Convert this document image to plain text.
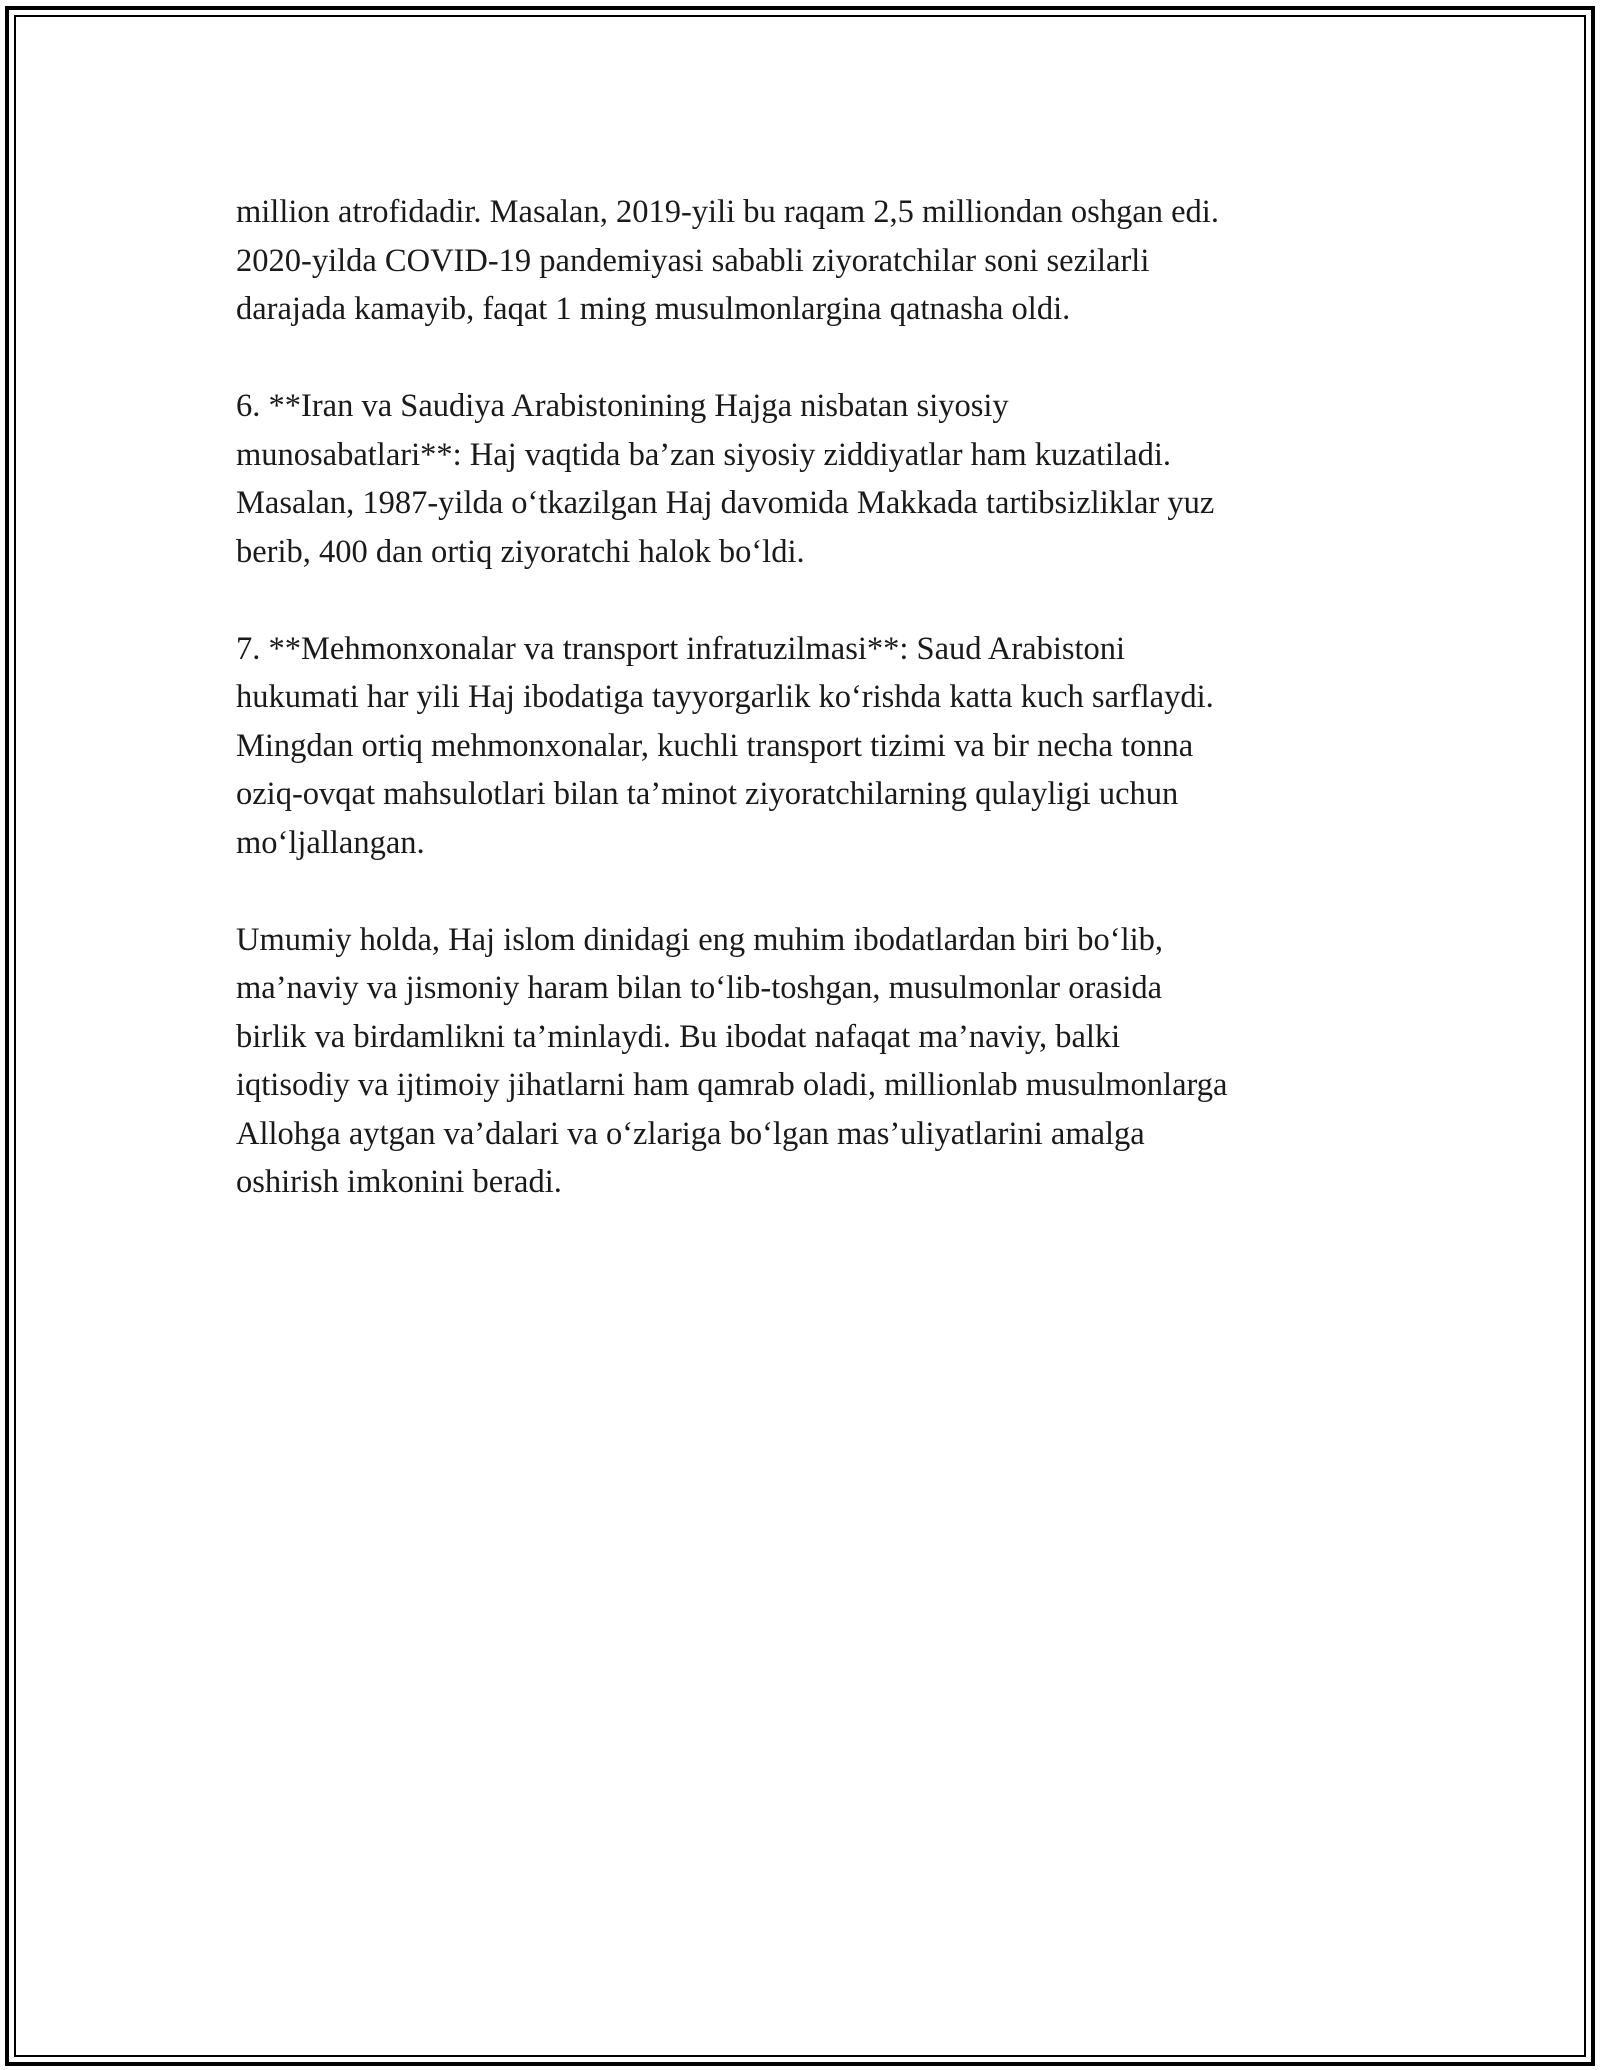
million atrofidadir. Masalan, 2019-yili bu raqam 2,5 milliondan oshgan edi.
2020-yilda COVID-19 pandemiyasi sababli ziyoratchilar soni sezilarli
darajada kamayib, faqat 1 ming musulmonlargina qatnasha oldi.

6. **Iran va Saudiya Arabistonining Hajga nisbatan siyosiy
munosabatlari**: Haj vaqtida ba’zan siyosiy ziddiyatlar ham kuzatiladi.
Masalan, 1987-yilda o‘tkazilgan Haj davomida Makkada tartibsizliklar yuz
berib, 400 dan ortiq ziyoratchi halok bo‘ldi.

7. **Mehmonxonalar va transport infratuzilmasi**: Saud Arabistoni
hukumati har yili Haj ibodatiga tayyorgarlik ko‘rishda katta kuch sarflaydi.
Mingdan ortiq mehmonxonalar, kuchli transport tizimi va bir necha tonna
oziq-ovqat mahsulotlari bilan ta’minot ziyoratchilarning qulayligi uchun
mo‘ljallangan.

Umumiy holda, Haj islom dinidagi eng muhim ibodatlardan biri bo‘lib,
ma’naviy va jismoniy haram bilan to‘lib-toshgan, musulmonlar orasida
birlik va birdamlikni ta’minlaydi. Bu ibodat nafaqat ma’naviy, balki
iqtisodiy va ijtimoiy jihatlarni ham qamrab oladi, millionlab musulmonlarga
Allohga aytgan va’dalari va o‘zlariga bo‘lgan mas’uliyatlarini amalga
oshirish imkonini beradi.
